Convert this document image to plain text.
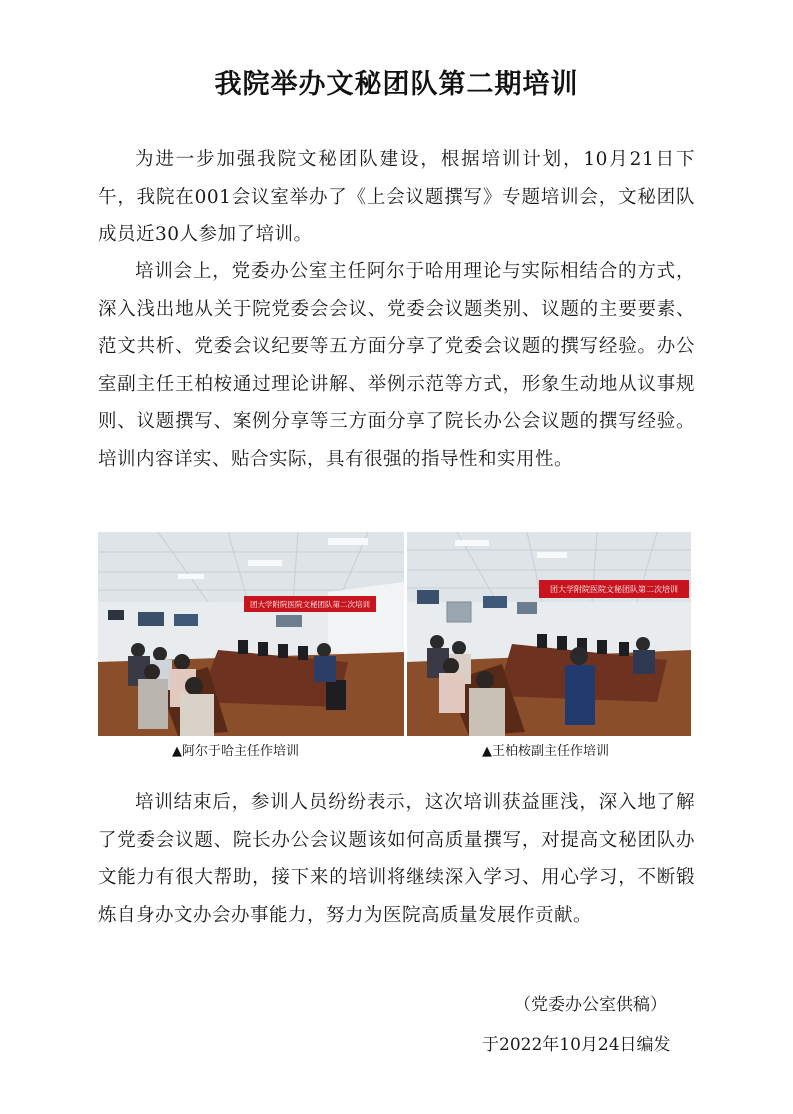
我院举办文秘团队第二期培训

为进一步加强我院文秘团队建设，根据培训计划，10月21日下午，我院在001会议室举办了《上会议题撰写》专题培训会，文秘团队成员近30人参加了培训。

培训会上，党委办公室主任阿尔于哈用理论与实际相结合的方式，深入浅出地从关于院党委会会议、党委会议题类别、议题的主要要素、范文共析、党委会议纪要等五方面分享了党委会议题的撰写经验。办公室副主任王柏桉通过理论讲解、举例示范等方式，形象生动地从议事规则、议题撰写、案例分享等三方面分享了院长办公会议题的撰写经验。培训内容详实、贴合实际，具有很强的指导性和实用性。

团大学附院医院文秘团队第二次培训
团大学附院医院文秘团队第二次培训
▲阿尔于哈主任作培训	▲王柏桉副主任作培训

培训结束后，参训人员纷纷表示，这次培训获益匪浅，深入地了解了党委会议题、院长办公会议题该如何高质量撰写，对提高文秘团队办文能力有很大帮助，接下来的培训将继续深入学习、用心学习，不断锻炼自身办文办会办事能力，努力为医院高质量发展作贡献。

（党委办公室供稿）
于2022年10月24日编发
